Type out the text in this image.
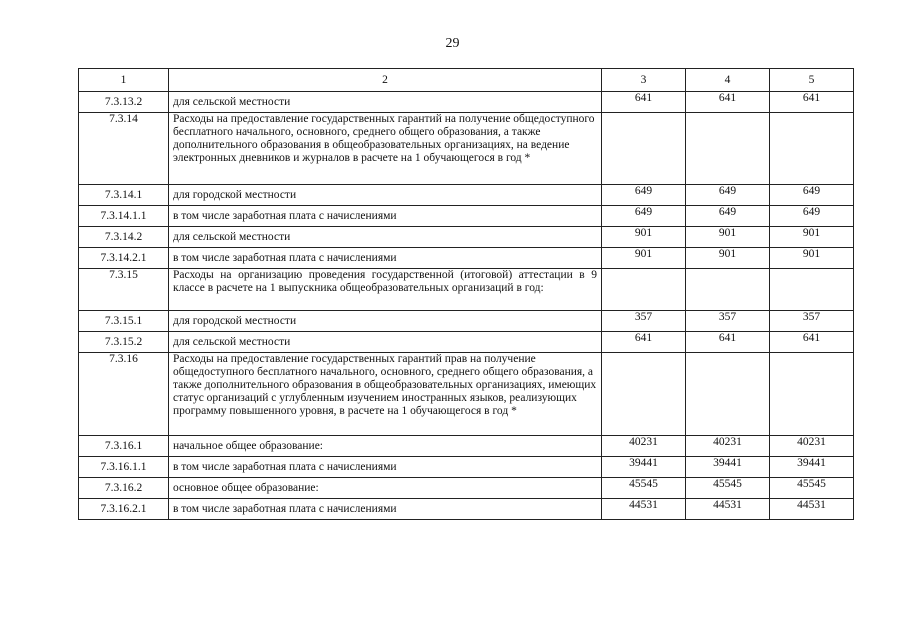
29
1	2	3	4	5
7.3.13.2	для сельской местности	641	641	641
7.3.14	Расходы на предоставление государственных гарантий на получение общедоступного бесплатного начального, основного, среднего общего образования, а также дополнительного образования в общеобразовательных организациях, на ведение электронных дневников и журналов в расчете на 1 обучающегося в год *			
7.3.14.1	для городской местности	649	649	649
7.3.14.1.1	в том числе заработная плата с начислениями	649	649	649
7.3.14.2	для сельской местности	901	901	901
7.3.14.2.1	в том числе заработная плата с начислениями	901	901	901
7.3.15	Расходы на организацию проведения государственной (итоговой) аттестации в 9 классе в расчете на 1 выпускника общеобразовательных организаций в год:			
7.3.15.1	для городской местности	357	357	357
7.3.15.2	для сельской местности	641	641	641
7.3.16	Расходы на предоставление государственных гарантий прав на получение общедоступного бесплатного начального, основного, среднего общего образования, а также дополнительного образования в общеобразовательных организациях, имеющих статус организаций с углубленным изучением иностранных языков, реализующих программу повышенного уровня, в расчете на 1 обучающегося в год *			
7.3.16.1	начальное общее образование:	40231	40231	40231
7.3.16.1.1	в том числе заработная плата с начислениями	39441	39441	39441
7.3.16.2	основное общее образование:	45545	45545	45545
7.3.16.2.1	в том числе заработная плата с начислениями	44531	44531	44531
